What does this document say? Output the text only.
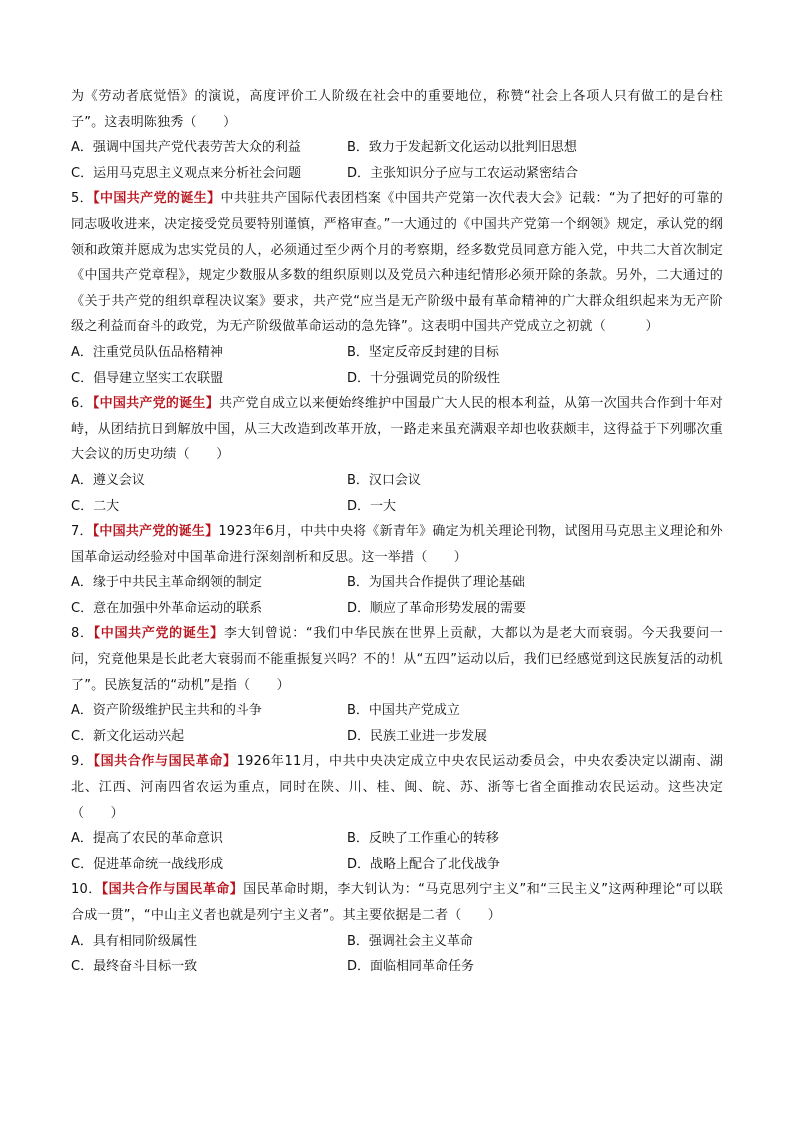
为《劳动者底觉悟》的演说，高度评价工人阶级在社会中的重要地位，称赞“社会上各项人只有做工的是台柱子”。这表明陈独秀（　　）
A．强调中国共产党代表劳苦大众的利益	B．致力于发起新文化运动以批判旧思想
C．运用马克思主义观点来分析社会问题	D．主张知识分子应与工农运动紧密结合
5．【中国共产党的诞生】中共驻共产国际代表团档案《中国共产党第一次代表大会》记载：“为了把好的可靠的同志吸收进来，决定接受党员要特别谨慎，严格审查。”一大通过的《中国共产党第一个纲领》规定，承认党的纲领和政策并愿成为忠实党员的人，必须通过至少两个月的考察期，经多数党员同意方能入党，中共二大首次制定《中国共产党章程》，规定少数服从多数的组织原则以及党员六种违纪情形必须开除的条款。另外，二大通过的《关于共产党的组织章程决议案》要求，共产党“应当是无产阶级中最有革命精神的广大群众组织起来为无产阶级之利益而奋斗的政党，为无产阶级做革命运动的急先锋”。这表明中国共产党成立之初就（　　　）
A．注重党员队伍品格精神	B．坚定反帝反封建的目标
C．倡导建立坚实工农联盟	D．十分强调党员的阶级性
6．【中国共产党的诞生】共产党自成立以来便始终维护中国最广大人民的根本利益，从第一次国共合作到十年对峙，从团结抗日到解放中国，从三大改造到改革开放，一路走来虽充满艰辛却也收获颇丰，这得益于下列哪次重大会议的历史功绩（　　）
A．遵义会议	B．汉口会议
C．二大	D．一大
7．【中国共产党的诞生】1923年6月，中共中央将《新青年》确定为机关理论刊物，试图用马克思主义理论和外国革命运动经验对中国革命进行深刻剖析和反思。这一举措（　　）
A．缘于中共民主革命纲领的制定	B．为国共合作提供了理论基础
C．意在加强中外革命运动的联系	D．顺应了革命形势发展的需要
8．【中国共产党的诞生】李大钊曾说：“我们中华民族在世界上贡献，大都以为是老大而衰弱。今天我要问一问，究竟他果是长此老大衰弱而不能重振复兴吗？不的！从“五四”运动以后，我们已经感觉到这民族复活的动机了”。民族复活的“动机”是指（　　）
A．资产阶级维护民主共和的斗争	B．中国共产党成立
C．新文化运动兴起	D．民族工业进一步发展
9．【国共合作与国民革命】1926年11月，中共中央决定成立中央农民运动委员会，中央农委决定以湖南、湖北、江西、河南四省农运为重点，同时在陕、川、桂、闽、皖、苏、浙等七省全面推动农民运动。这些决定（　　）
A．提高了农民的革命意识	B．反映了工作重心的转移
C．促进革命统一战线形成	D．战略上配合了北伐战争
10．【国共合作与国民革命】国民革命时期，李大钊认为：“马克思列宁主义”和“三民主义”这两种理论“可以联合成一贯”，“中山主义者也就是列宁主义者”。其主要依据是二者（　　）
A．具有相同阶级属性	B．强调社会主义革命
C．最终奋斗目标一致	D．面临相同革命任务
